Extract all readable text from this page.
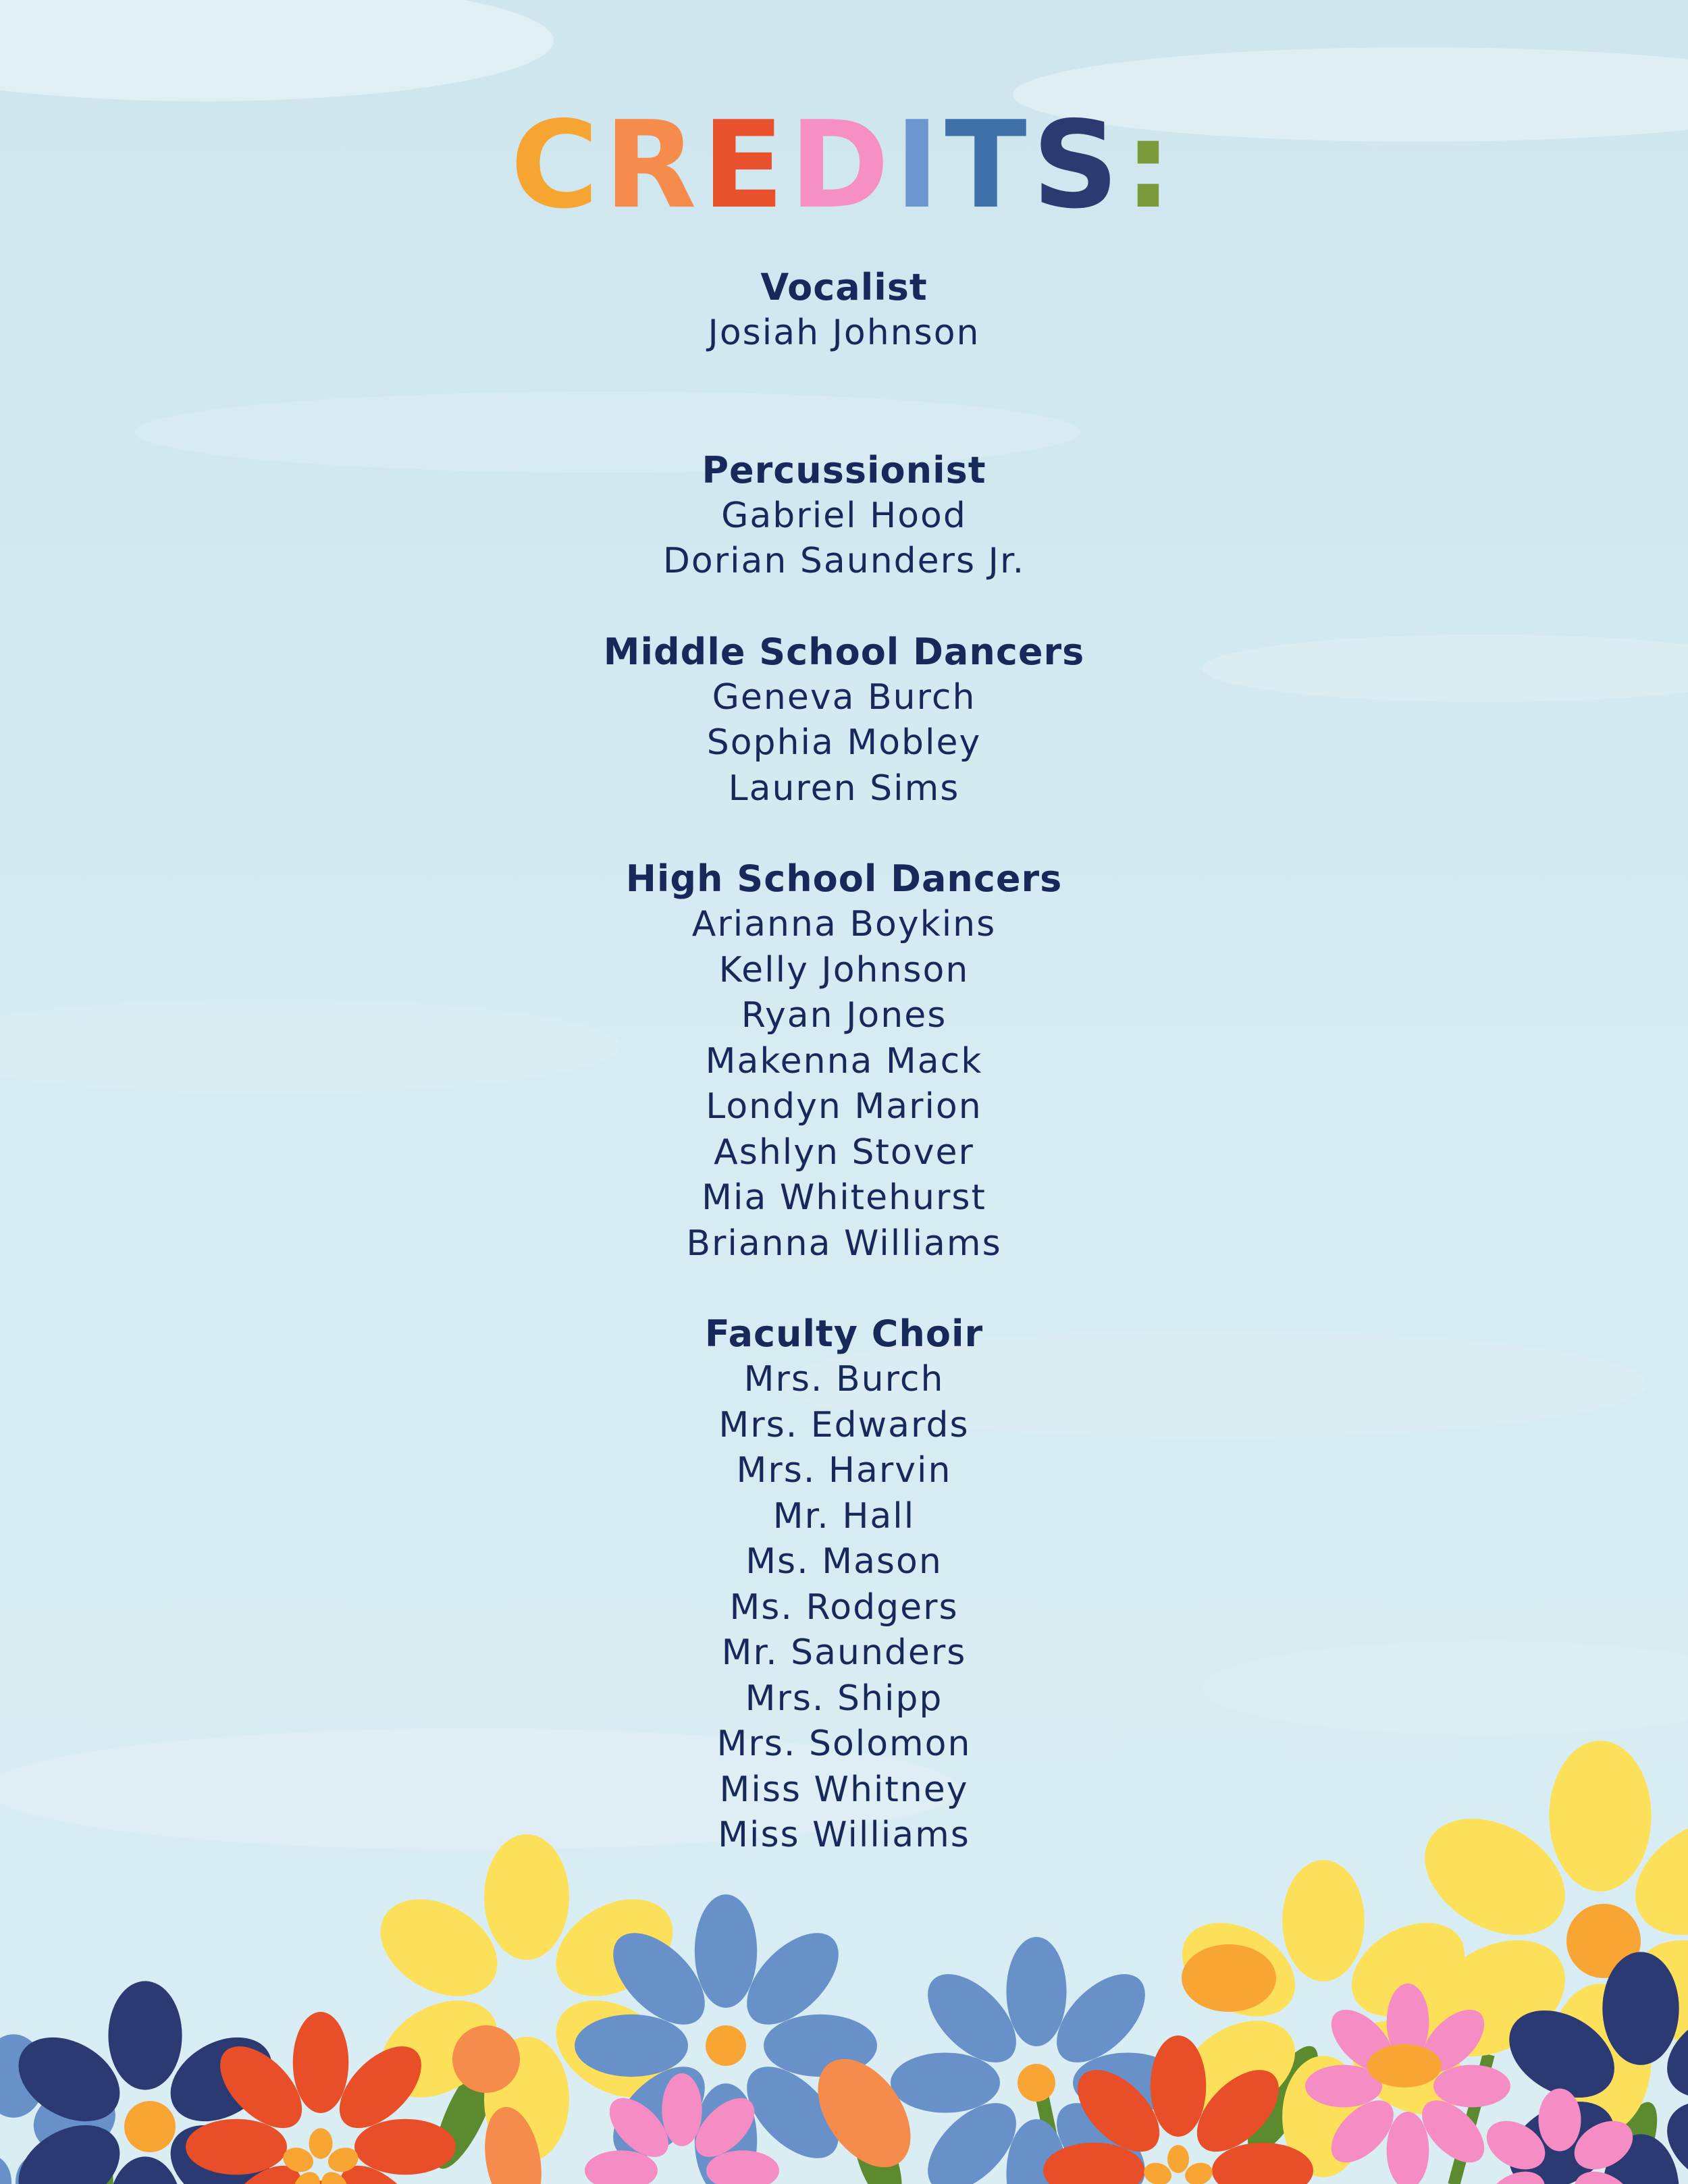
CREDITS:
Vocalist
Josiah Johnson
Percussionist
Gabriel Hood
Dorian Saunders Jr.
Middle School Dancers
Geneva Burch
Sophia Mobley
Lauren Sims
High School Dancers
Arianna Boykins
Kelly Johnson
Ryan Jones
Makenna Mack
Londyn Marion
Ashlyn Stover
Mia Whitehurst
Brianna Williams
Faculty Choir
Mrs. Burch
Mrs. Edwards
Mrs. Harvin
Mr. Hall
Ms. Mason
Ms. Rodgers
Mr. Saunders
Mrs. Shipp
Mrs. Solomon
Miss Whitney
Miss Williams
